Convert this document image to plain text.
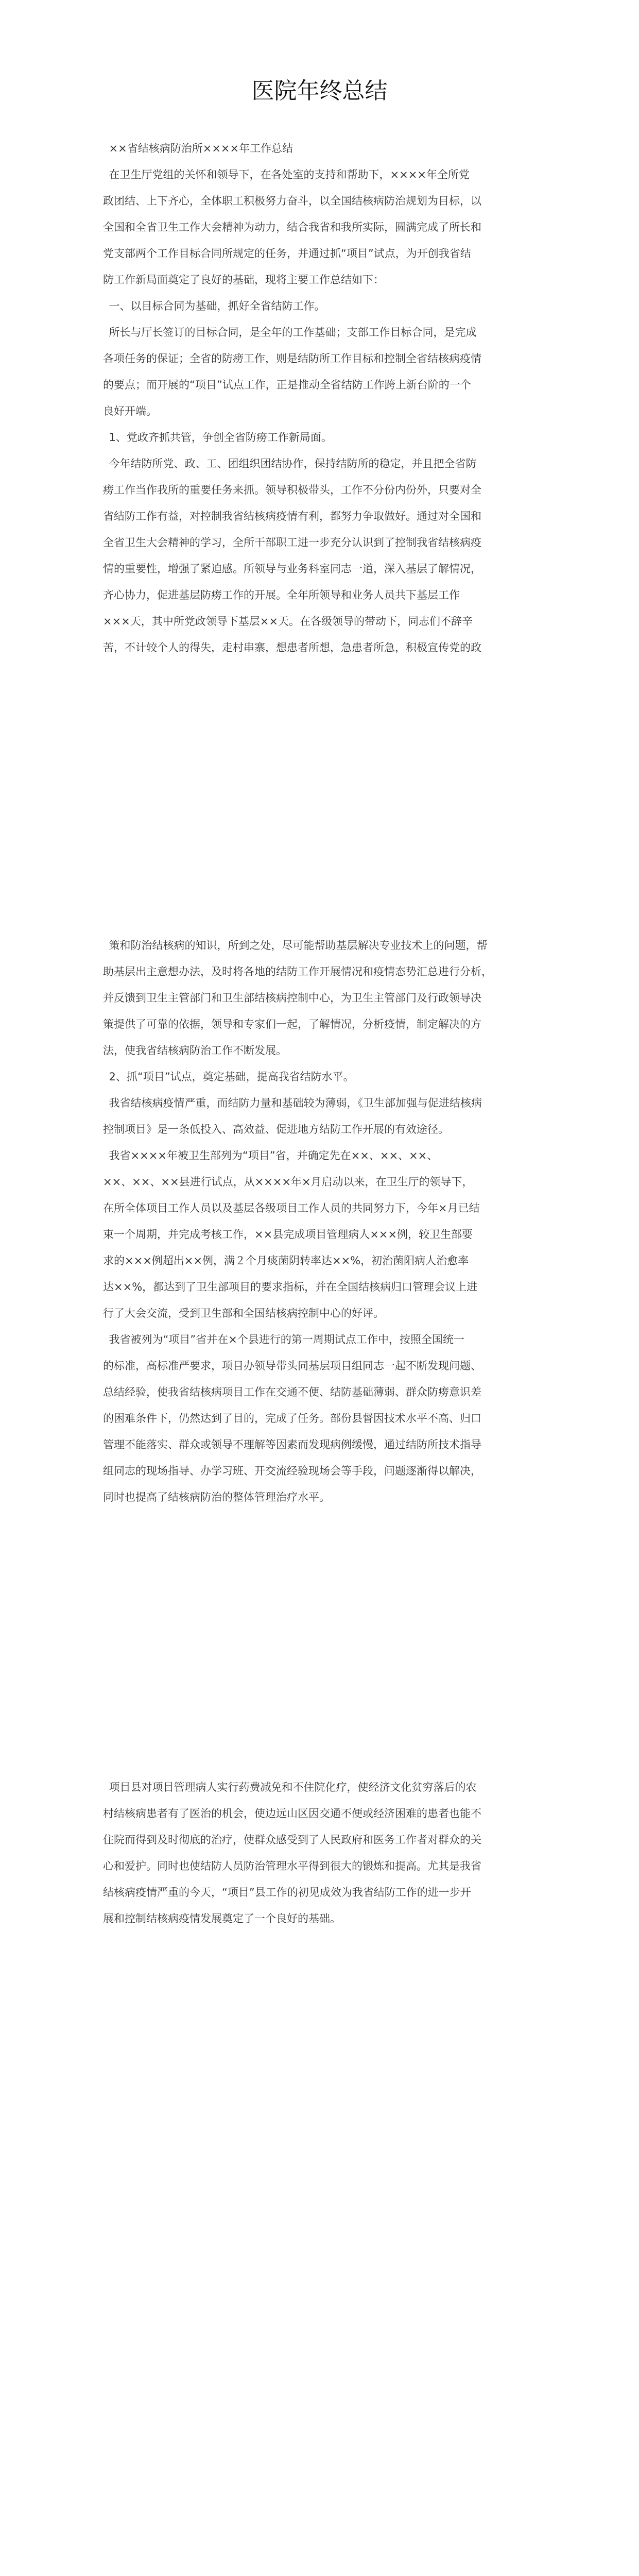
医院年终总结
××省结核病防治所××××年工作总结
在卫生厅党组的关怀和领导下，在各处室的支持和帮助下，××××年全所党
政团结、上下齐心，全体职工积极努力奋斗，以全国结核病防治规划为目标，以
全国和全省卫生工作大会精神为动力，结合我省和我所实际，圆满完成了所长和
党支部两个工作目标合同所规定的任务，并通过抓“项目”试点，为开创我省结
防工作新局面奠定了良好的基础，现将主要工作总结如下：
一、以目标合同为基础，抓好全省结防工作。
所长与厅长签订的目标合同，是全年的工作基础；支部工作目标合同，是完成
各项任务的保证；全省的防痨工作，则是结防所工作目标和控制全省结核病疫情
的要点；而开展的“项目”试点工作，正是推动全省结防工作跨上新台阶的一个
良好开端。
1、党政齐抓共管，争创全省防痨工作新局面。
今年结防所党、政、工、团组织团结协作，保持结防所的稳定，并且把全省防
痨工作当作我所的重要任务来抓。领导积极带头，工作不分份内份外，只要对全
省结防工作有益，对控制我省结核病疫情有利，都努力争取做好。通过对全国和
全省卫生大会精神的学习，全所干部职工进一步充分认识到了控制我省结核病疫
情的重要性，增强了紧迫感。所领导与业务科室同志一道，深入基层了解情况，
齐心协力，促进基层防痨工作的开展。全年所领导和业务人员共下基层工作
×××天，其中所党政领导下基层××天。在各级领导的带动下，同志们不辞辛
苦，不计较个人的得失，走村串寨，想患者所想，急患者所急，积极宣传党的政
策和防治结核病的知识，所到之处，尽可能帮助基层解决专业技术上的问题，帮
助基层出主意想办法，及时将各地的结防工作开展情况和疫情态势汇总进行分析，
并反馈到卫生主管部门和卫生部结核病控制中心，为卫生主管部门及行政领导决
策提供了可靠的依据，领导和专家们一起，了解情况，分析疫情，制定解决的方
法，使我省结核病防治工作不断发展。
2、抓“项目”试点，奠定基础，提高我省结防水平。
我省结核病疫情严重，而结防力量和基础较为薄弱，《卫生部加强与促进结核病
控制项目》是一条低投入、高效益、促进地方结防工作开展的有效途径。
我省××××年被卫生部列为“项目”省，并确定先在××、××、××、
××、××、××县进行试点，从××××年×月启动以来，在卫生厅的领导下，
在所全体项目工作人员以及基层各级项目工作人员的共同努力下，今年×月已结
束一个周期，并完成考核工作，××县完成项目管理病人×××例，较卫生部要
求的×××例超出××例，满２个月痰菌阴转率达××%，初治菌阳病人治愈率
达××%，都达到了卫生部项目的要求指标，并在全国结核病归口管理会议上进
行了大会交流，受到卫生部和全国结核病控制中心的好评。
我省被列为“项目”省并在×个县进行的第一周期试点工作中，按照全国统一
的标准，高标准严要求，项目办领导带头同基层项目组同志一起不断发现问题、
总结经验，使我省结核病项目工作在交通不便、结防基础薄弱、群众防痨意识差
的困难条件下，仍然达到了目的，完成了任务。部份县督因技术水平不高、归口
管理不能落实、群众或领导不理解等因素而发现病例缓慢，通过结防所技术指导
组同志的现场指导、办学习班、开交流经验现场会等手段，问题逐渐得以解决，
同时也提高了结核病防治的整体管理治疗水平。
项目县对项目管理病人实行药费减免和不住院化疗，使经济文化贫穷落后的农
村结核病患者有了医治的机会，使边远山区因交通不便或经济困难的患者也能不
住院而得到及时彻底的治疗，使群众感受到了人民政府和医务工作者对群众的关
心和爱护。同时也使结防人员防治管理水平得到很大的锻炼和提高。尤其是我省
结核病疫情严重的今天，“项目”县工作的初见成效为我省结防工作的进一步开
展和控制结核病疫情发展奠定了一个良好的基础。
